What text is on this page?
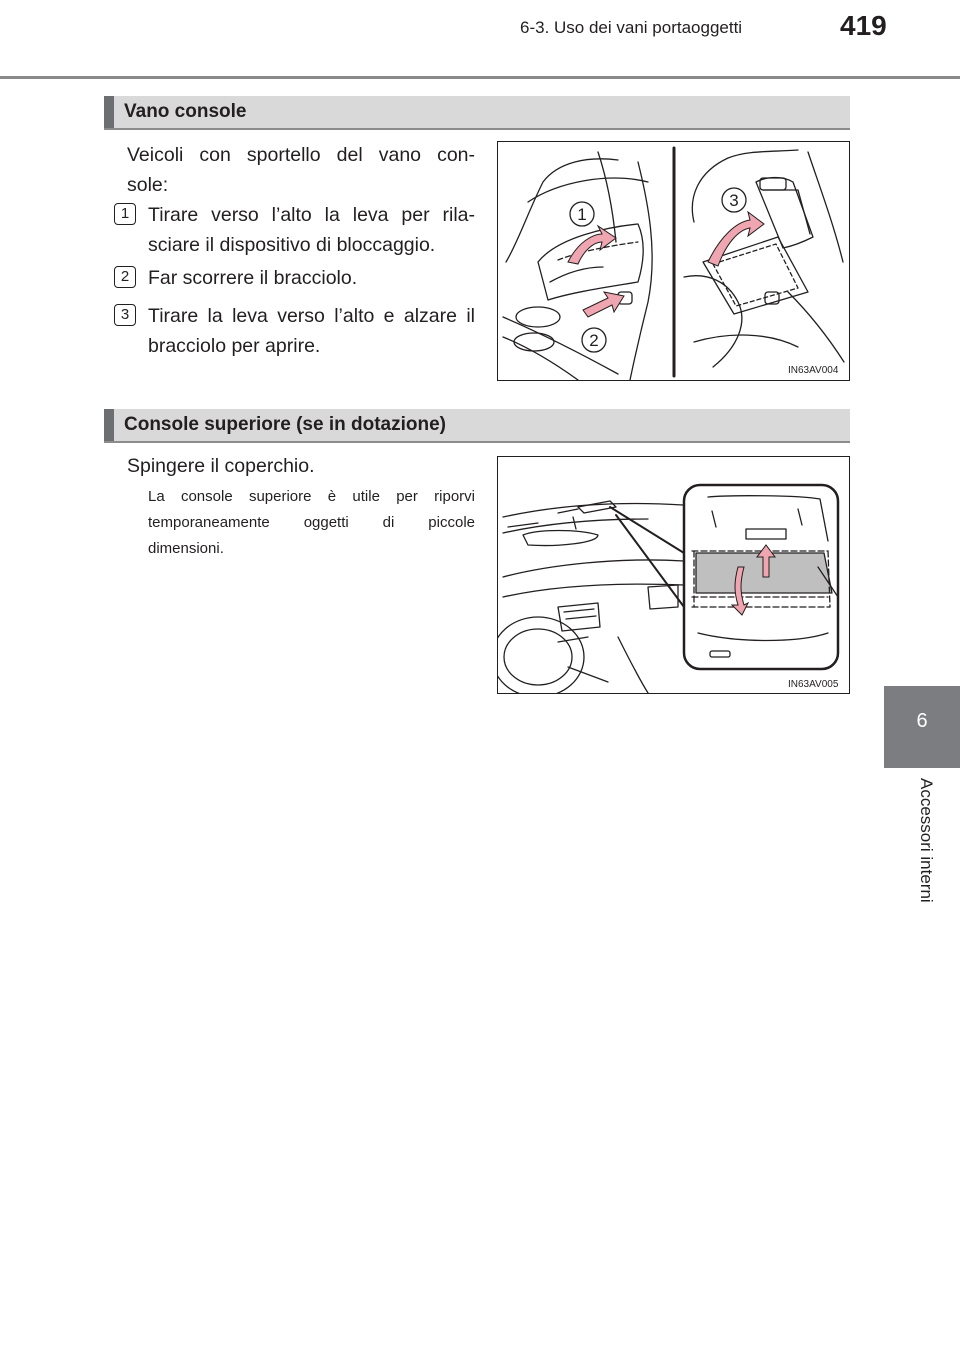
6-3. Uso dei vani portaoggetti	419
Vano console
Veicoli con sportello del vano con-
sole:
1 Tirare verso l’alto la leva per rila-
sciare il dispositivo di bloccaggio.
2 Far scorrere il bracciolo.
3 Tirare la leva verso l’alto e alzare il
bracciolo per aprire.
1
2
3
IN63AV004
Console superiore (se in dotazione)
Spingere il coperchio.
La console superiore è utile per riporvi
temporaneamente oggetti di piccole
dimensioni.
IN63AV005
6
Accessori interni
